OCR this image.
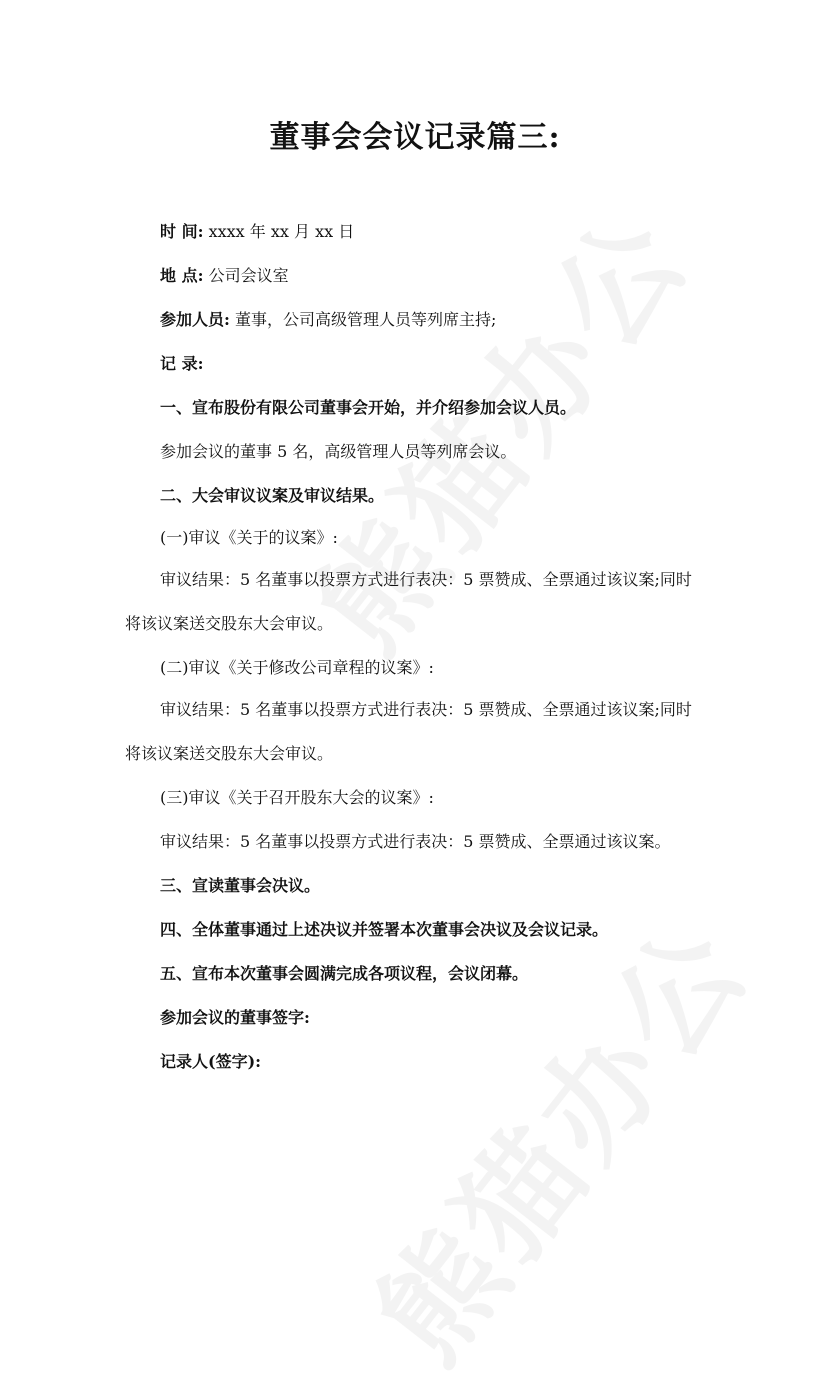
董事会会议记录篇三:

时 间: xxxx 年 xx 月 xx 日

地 点: 公司会议室

参加人员: 董事，公司高级管理人员等列席主持;

记 录:

一、宣布股份有限公司董事会开始，并介绍参加会议人员。

参加会议的董事 5 名，高级管理人员等列席会议。

二、大会审议议案及审议结果。

(一)审议《关于的议案》:

审议结果：5 名董事以投票方式进行表决：5 票赞成、全票通过该议案;同时

将该议案送交股东大会审议。

(二)审议《关于修改公司章程的议案》:

审议结果：5 名董事以投票方式进行表决：5 票赞成、全票通过该议案;同时

将该议案送交股东大会审议。

(三)审议《关于召开股东大会的议案》:

审议结果：5 名董事以投票方式进行表决：5 票赞成、全票通过该议案。

三、宣读董事会决议。

四、全体董事通过上述决议并签署本次董事会决议及会议记录。

五、宣布本次董事会圆满完成各项议程，会议闭幕。

参加会议的董事签字:

记录人(签字):
